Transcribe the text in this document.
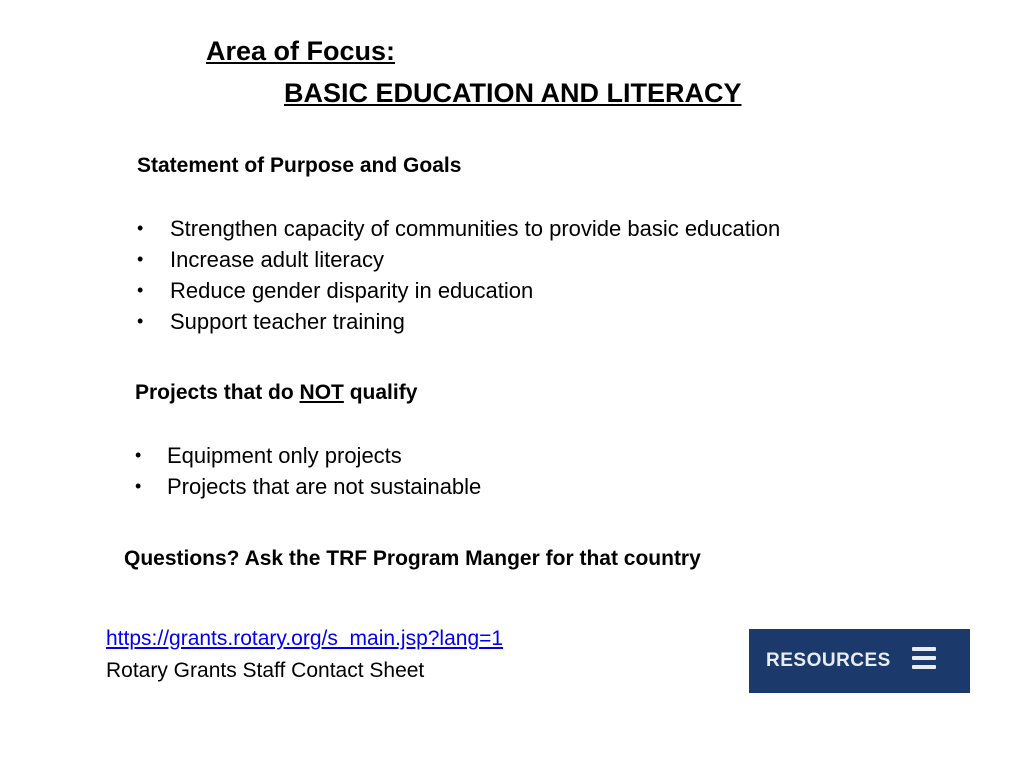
Area of Focus:
BASIC EDUCATION AND LITERACY
Statement of Purpose and Goals
• Strengthen capacity of communities to provide basic education
• Increase adult literacy
• Reduce gender disparity in education
• Support teacher training
Projects that do NOT qualify
• Equipment only projects
• Projects that are not sustainable
Questions? Ask the TRF Program Manger for that country
https://grants.rotary.org/s_main.jsp?lang=1
Rotary Grants Staff Contact Sheet	RESOURCES
